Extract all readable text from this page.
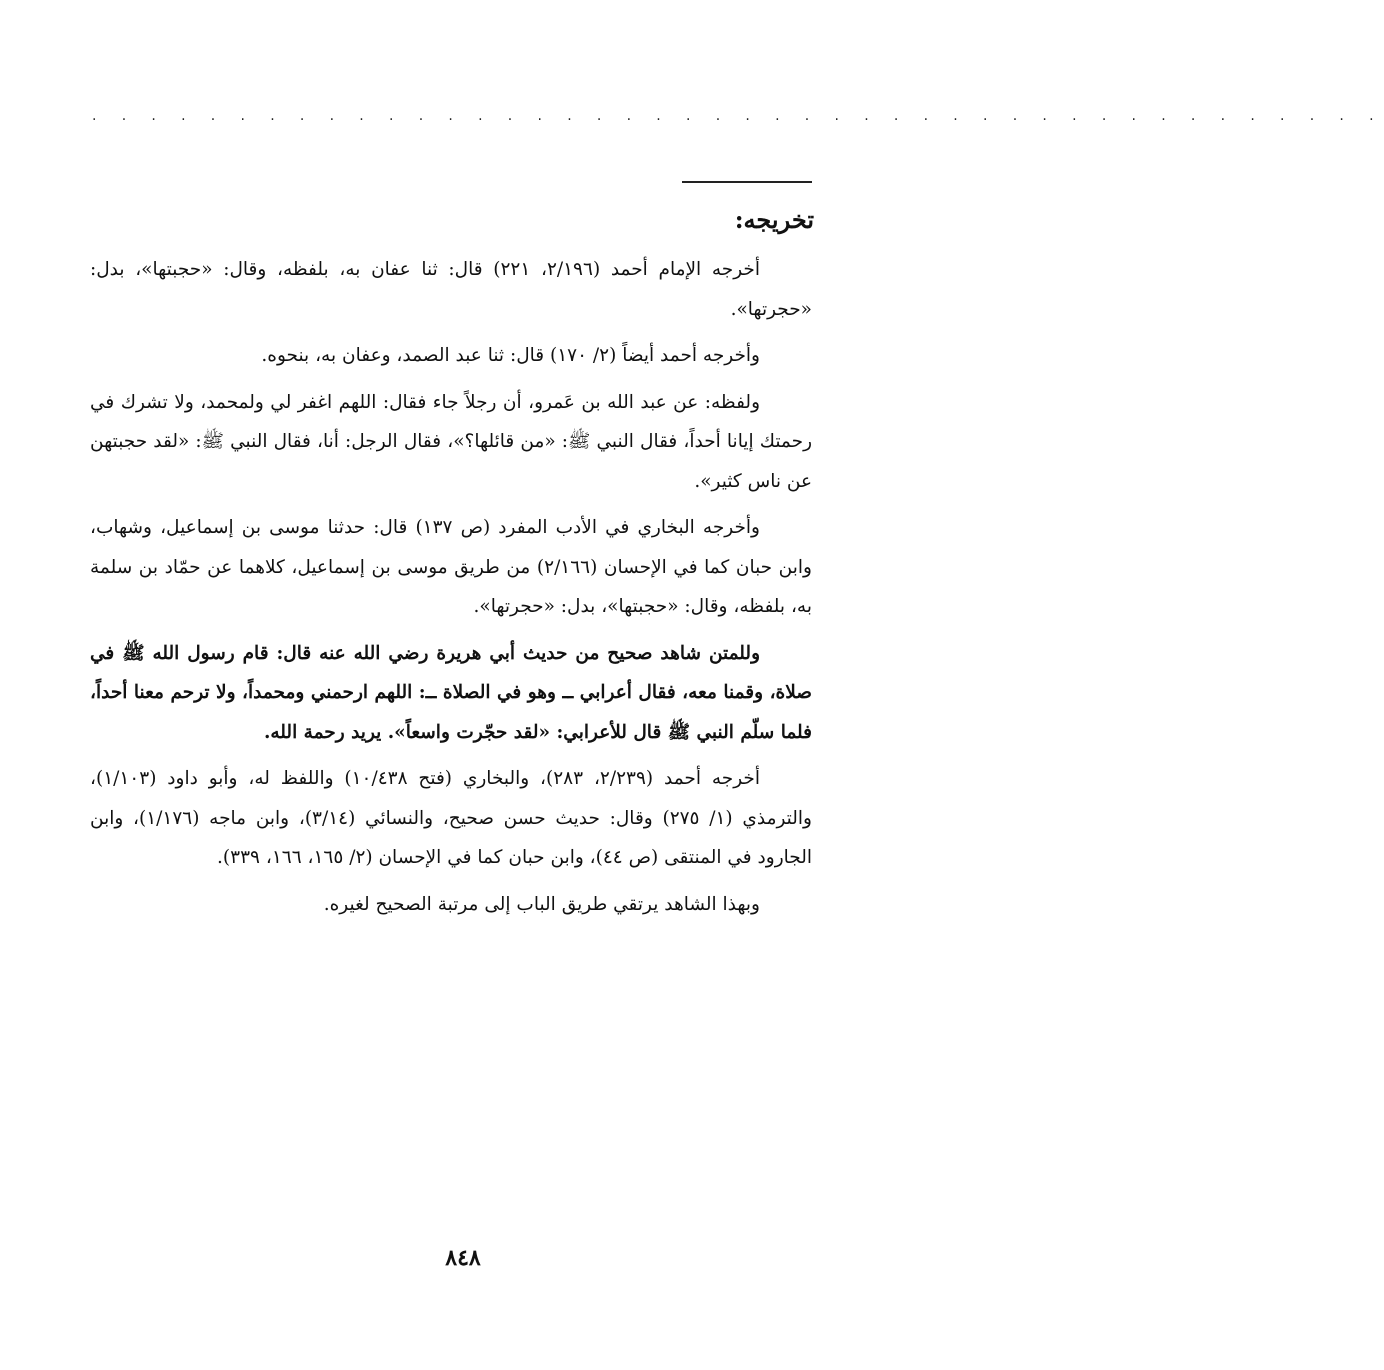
· · · · · · · · · · · · · · · · · · · · · · · · · · · · · · · · · · · · · · · · · · · ·
تخريجه:

أخرجه الإمام أحمد (٢/١٩٦، ٢٢١) قال: ثنا عفان به، بلفظه، وقال: «حجبتها»، بدل: «حجرتها».

وأخرجه أحمد أيضاً (٢/ ١٧٠) قال: ثنا عبد الصمد، وعفان به، بنحوه.

ولفظه: عن عبد الله بن عَمرو، أن رجلاً جاء فقال: اللهم اغفر لي ولمحمد، ولا تشرك في رحمتك إيانا أحداً، فقال النبي ﷺ: «من قائلها؟»، فقال الرجل: أنا، فقال النبي ﷺ: «لقد حجبتهن عن ناس كثير».

وأخرجه البخاري في الأدب المفرد (ص ١٣٧) قال: حدثنا موسى بن إسماعيل، وشهاب، وابن حبان كما في الإحسان (٢/١٦٦) من طريق موسى بن إسماعيل، كلاهما عن حمّاد بن سلمة به، بلفظه، وقال: «حجبتها»، بدل: «حجرتها».

وللمتن شاهد صحيح من حديث أبي هريرة رضي الله عنه قال: قام رسول الله ﷺ في صلاة، وقمنا معه، فقال أعرابي ــ وهو في الصلاة ــ: اللهم ارحمني ومحمداً، ولا ترحم معنا أحداً، فلما سلّم النبي ﷺ قال للأعرابي: «لقد حجّرت واسعاً». يريد رحمة الله.

أخرجه أحمد (٢/٢٣٩، ٢٨٣)، والبخاري (فتح ١٠/٤٣٨) واللفظ له، وأبو داود (١/١٠٣)، والترمذي (١/ ٢٧٥) وقال: حديث حسن صحيح، والنسائي (٣/١٤)، وابن ماجه (١/١٧٦)، وابن الجارود في المنتقى (ص ٤٤)، وابن حبان كما في الإحسان (٢/ ١٦٥، ١٦٦، ٣٣٩).

وبهذا الشاهد يرتقي طريق الباب إلى مرتبة الصحيح لغيره.

٨٤٨
